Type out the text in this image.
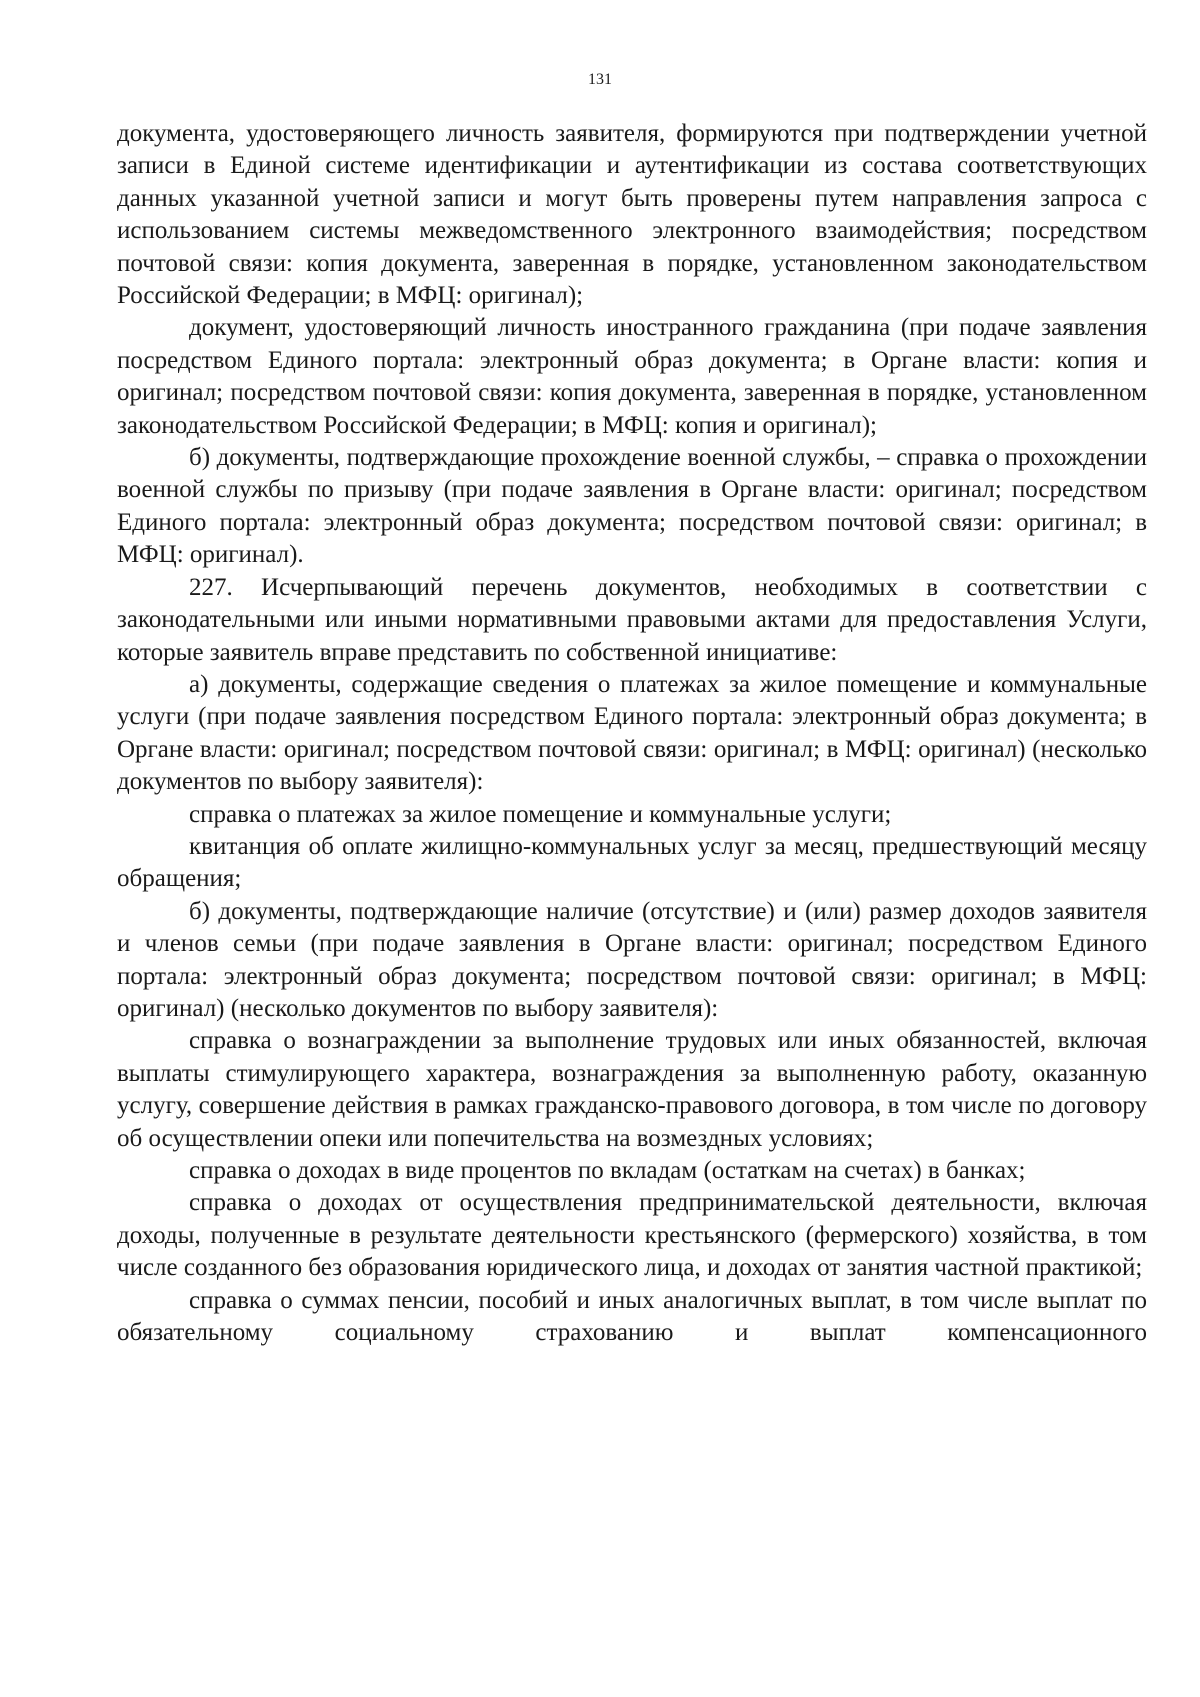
131

документа, удостоверяющего личность заявителя, формируются при подтверждении учетной записи в Единой системе идентификации и аутентификации из состава соответствующих данных указанной учетной записи и могут быть проверены путем направления запроса с использованием системы межведомственного электронного взаимодействия; посредством почтовой связи: копия документа, заверенная в порядке, установленном законодательством Российской Федерации; в МФЦ: оригинал);

документ, удостоверяющий личность иностранного гражданина (при подаче заявления посредством Единого портала: электронный образ документа; в Органе власти: копия и оригинал; посредством почтовой связи: копия документа, заверенная в порядке, установленном законодательством Российской Федерации; в МФЦ: копия и оригинал);

б) документы, подтверждающие прохождение военной службы, – справка о прохождении военной службы по призыву (при подаче заявления в Органе власти: оригинал; посредством Единого портала: электронный образ документа; посредством почтовой связи: оригинал; в МФЦ: оригинал).

227. Исчерпывающий перечень документов, необходимых в соответствии с законодательными или иными нормативными правовыми актами для предоставления Услуги, которые заявитель вправе представить по собственной инициативе:

а) документы, содержащие сведения о платежах за жилое помещение и коммунальные услуги (при подаче заявления посредством Единого портала: электронный образ документа; в Органе власти: оригинал; посредством почтовой связи: оригинал; в МФЦ: оригинал) (несколько документов по выбору заявителя):

справка о платежах за жилое помещение и коммунальные услуги;

квитанция об оплате жилищно-коммунальных услуг за месяц, предшествующий месяцу обращения;

б) документы, подтверждающие наличие (отсутствие) и (или) размер доходов заявителя и членов семьи (при подаче заявления в Органе власти: оригинал; посредством Единого портала: электронный образ документа; посредством почтовой связи: оригинал; в МФЦ: оригинал) (несколько документов по выбору заявителя):

справка о вознаграждении за выполнение трудовых или иных обязанностей, включая выплаты стимулирующего характера, вознаграждения за выполненную работу, оказанную услугу, совершение действия в рамках гражданско-правового договора, в том числе по договору об осуществлении опеки или попечительства на возмездных условиях;

справка о доходах в виде процентов по вкладам (остаткам на счетах) в банках;

справка о доходах от осуществления предпринимательской деятельности, включая доходы, полученные в результате деятельности крестьянского (фермерского) хозяйства, в том числе созданного без образования юридического лица, и доходах от занятия частной практикой;

справка о суммах пенсии, пособий и иных аналогичных выплат, в том числе выплат по обязательному социальному страхованию и выплат компенсационного
